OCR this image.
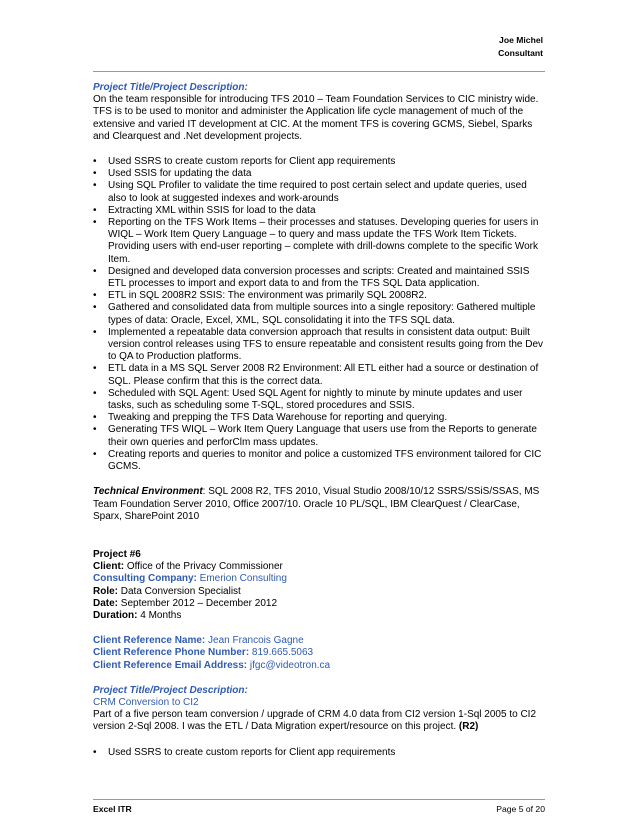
Joe Michel
Consultant

Project Title/Project Description:

On the team responsible for introducing TFS 2010 – Team Foundation Services to CIC ministry wide. TFS is to be used to monitor and administer the Application life cycle management of much of the extensive and varied IT development at CIC. At the moment TFS is covering GCMS, Siebel, Sparks and Clearquest and .Net development projects.

• Used SSRS to create custom reports for Client app requirements
• Used SSIS for updating the data
• Using SQL Profiler to validate the time required to post certain select and update queries, used also to look at suggested indexes and work-arounds
• Extracting XML within SSIS for load to the data
• Reporting on the TFS Work Items – their processes and statuses. Developing queries for users in WIQL – Work Item Query Language – to query and mass update the TFS Work Item Tickets. Providing users with end-user reporting – complete with drill-downs complete to the specific Work Item.
• Designed and developed data conversion processes and scripts: Created and maintained SSIS ETL processes to import and export data to and from the TFS SQL Data application.
• ETL in SQL 2008R2 SSIS: The environment was primarily SQL 2008R2.
• Gathered and consolidated data from multiple sources into a single repository: Gathered multiple types of data: Oracle, Excel, XML, SQL consolidating it into the TFS SQL data.
• Implemented a repeatable data conversion approach that results in consistent data output: Built version control releases using TFS to ensure repeatable and consistent results going from the Dev to QA to Production platforms.
• ETL data in a MS SQL Server 2008 R2 Environment: All ETL either had a source or destination of SQL. Please confirm that this is the correct data.
• Scheduled with SQL Agent: Used SQL Agent for nightly to minute by minute updates and user tasks, such as scheduling some T-SQL, stored procedures and SSIS.
• Tweaking and prepping the TFS Data Warehouse for reporting and querying.
• Generating TFS WIQL – Work Item Query Language that users use from the Reports to generate their own queries and perforClm mass updates.
• Creating reports and queries to monitor and police a customized TFS environment tailored for CIC GCMS.

Technical Environment: SQL 2008 R2, TFS 2010, Visual Studio 2008/10/12 SSRS/SSiS/SSAS, MS Team Foundation Server 2010, Office 2007/10. Oracle 10 PL/SQL, IBM ClearQuest / ClearCase, Sparx, SharePoint 2010

Project #6

Client: Office of the Privacy Commissioner

Consulting Company: Emerion Consulting

Role: Data Conversion Specialist

Date: September 2012 – December 2012

Duration: 4 Months

Client Reference Name: Jean Francois Gagne

Client Reference Phone Number: 819.665.5063

Client Reference Email Address: jfgc@videotron.ca

Project Title/Project Description:

CRM Conversion to CI2

Part of a five person team conversion / upgrade of CRM 4.0 data from CI2 version 1-Sql 2005 to CI2 version 2-Sql 2008. I was the ETL / Data Migration expert/resource on this project. (R2)

• Used SSRS to create custom reports for Client app requirements
Excel ITR	Page 5 of 20
